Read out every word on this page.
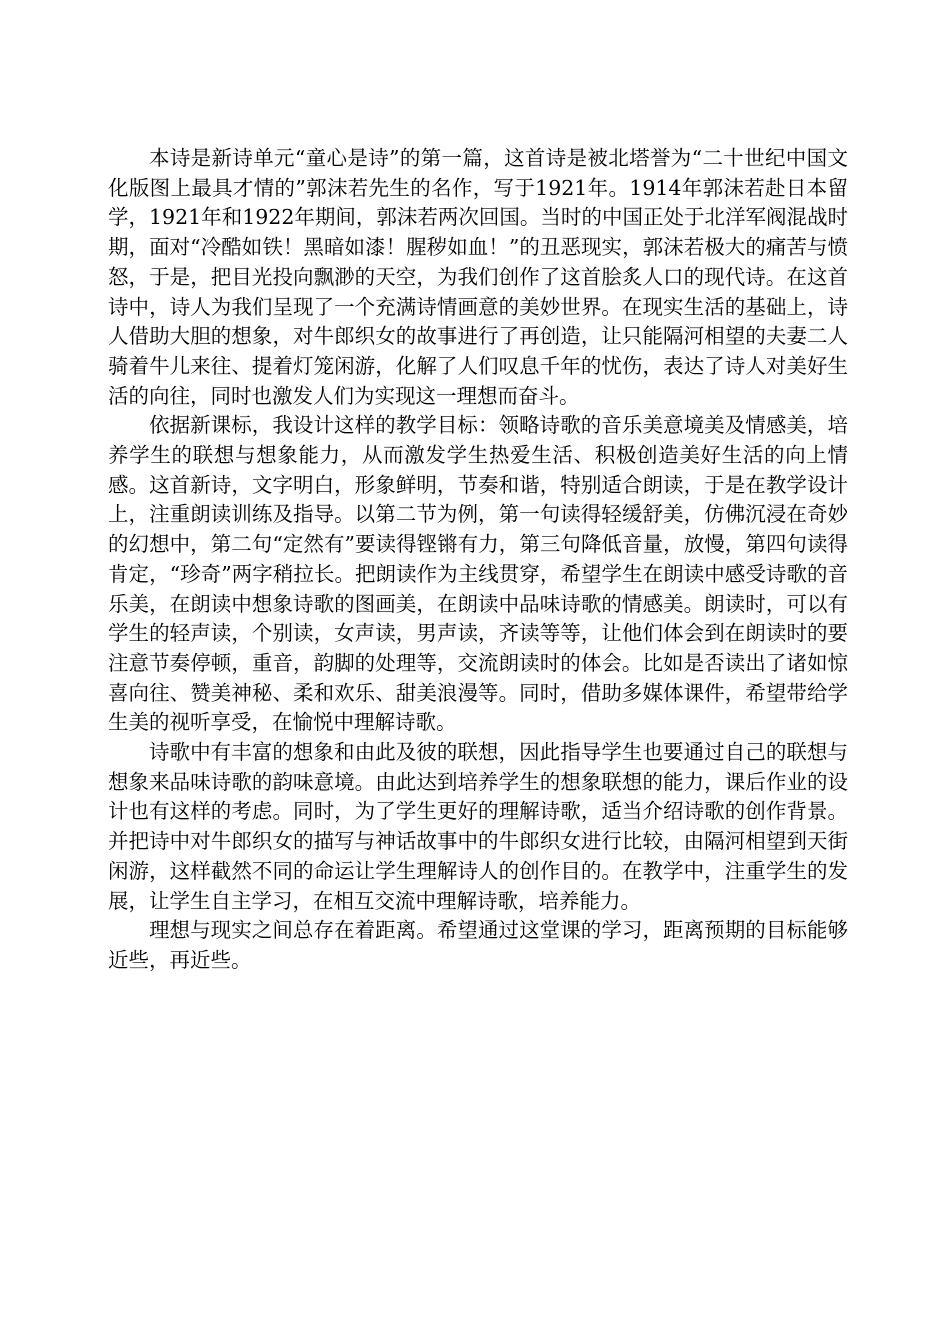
本诗是新诗单元“童心是诗”的第一篇，这首诗是被北塔誉为“二十世纪中国文化版图上最具才情的”郭沫若先生的名作，写于1921年。1914年郭沫若赴日本留学，1921年和1922年期间，郭沫若两次回国。当时的中国正处于北洋军阀混战时期，面对“冷酷如铁！黑暗如漆！腥秽如血！”的丑恶现实，郭沫若极大的痛苦与愤怒，于是，把目光投向飘渺的天空，为我们创作了这首脍炙人口的现代诗。在这首诗中，诗人为我们呈现了一个充满诗情画意的美妙世界。在现实生活的基础上，诗人借助大胆的想象，对牛郎织女的故事进行了再创造，让只能隔河相望的夫妻二人骑着牛儿来往、提着灯笼闲游，化解了人们叹息千年的忧伤，表达了诗人对美好生活的向往，同时也激发人们为实现这一理想而奋斗。

依据新课标，我设计这样的教学目标：领略诗歌的音乐美意境美及情感美，培养学生的联想与想象能力，从而激发学生热爱生活、积极创造美好生活的向上情感。这首新诗，文字明白，形象鲜明，节奏和谐，特别适合朗读，于是在教学设计上，注重朗读训练及指导。以第二节为例，第一句读得轻缓舒美，仿佛沉浸在奇妙的幻想中，第二句“定然有”要读得铿锵有力，第三句降低音量，放慢，第四句读得肯定，“珍奇”两字稍拉长。把朗读作为主线贯穿，希望学生在朗读中感受诗歌的音乐美，在朗读中想象诗歌的图画美，在朗读中品味诗歌的情感美。朗读时，可以有学生的轻声读，个别读，女声读，男声读，齐读等等，让他们体会到在朗读时的要注意节奏停顿，重音，韵脚的处理等，交流朗读时的体会。比如是否读出了诸如惊喜向往、赞美神秘、柔和欢乐、甜美浪漫等。同时，借助多媒体课件，希望带给学生美的视听享受，在愉悦中理解诗歌。

诗歌中有丰富的想象和由此及彼的联想，因此指导学生也要通过自己的联想与想象来品味诗歌的韵味意境。由此达到培养学生的想象联想的能力，课后作业的设计也有这样的考虑。同时，为了学生更好的理解诗歌，适当介绍诗歌的创作背景。并把诗中对牛郎织女的描写与神话故事中的牛郎织女进行比较，由隔河相望到天街闲游，这样截然不同的命运让学生理解诗人的创作目的。在教学中，注重学生的发展，让学生自主学习，在相互交流中理解诗歌，培养能力。

理想与现实之间总存在着距离。希望通过这堂课的学习，距离预期的目标能够近些，再近些。
